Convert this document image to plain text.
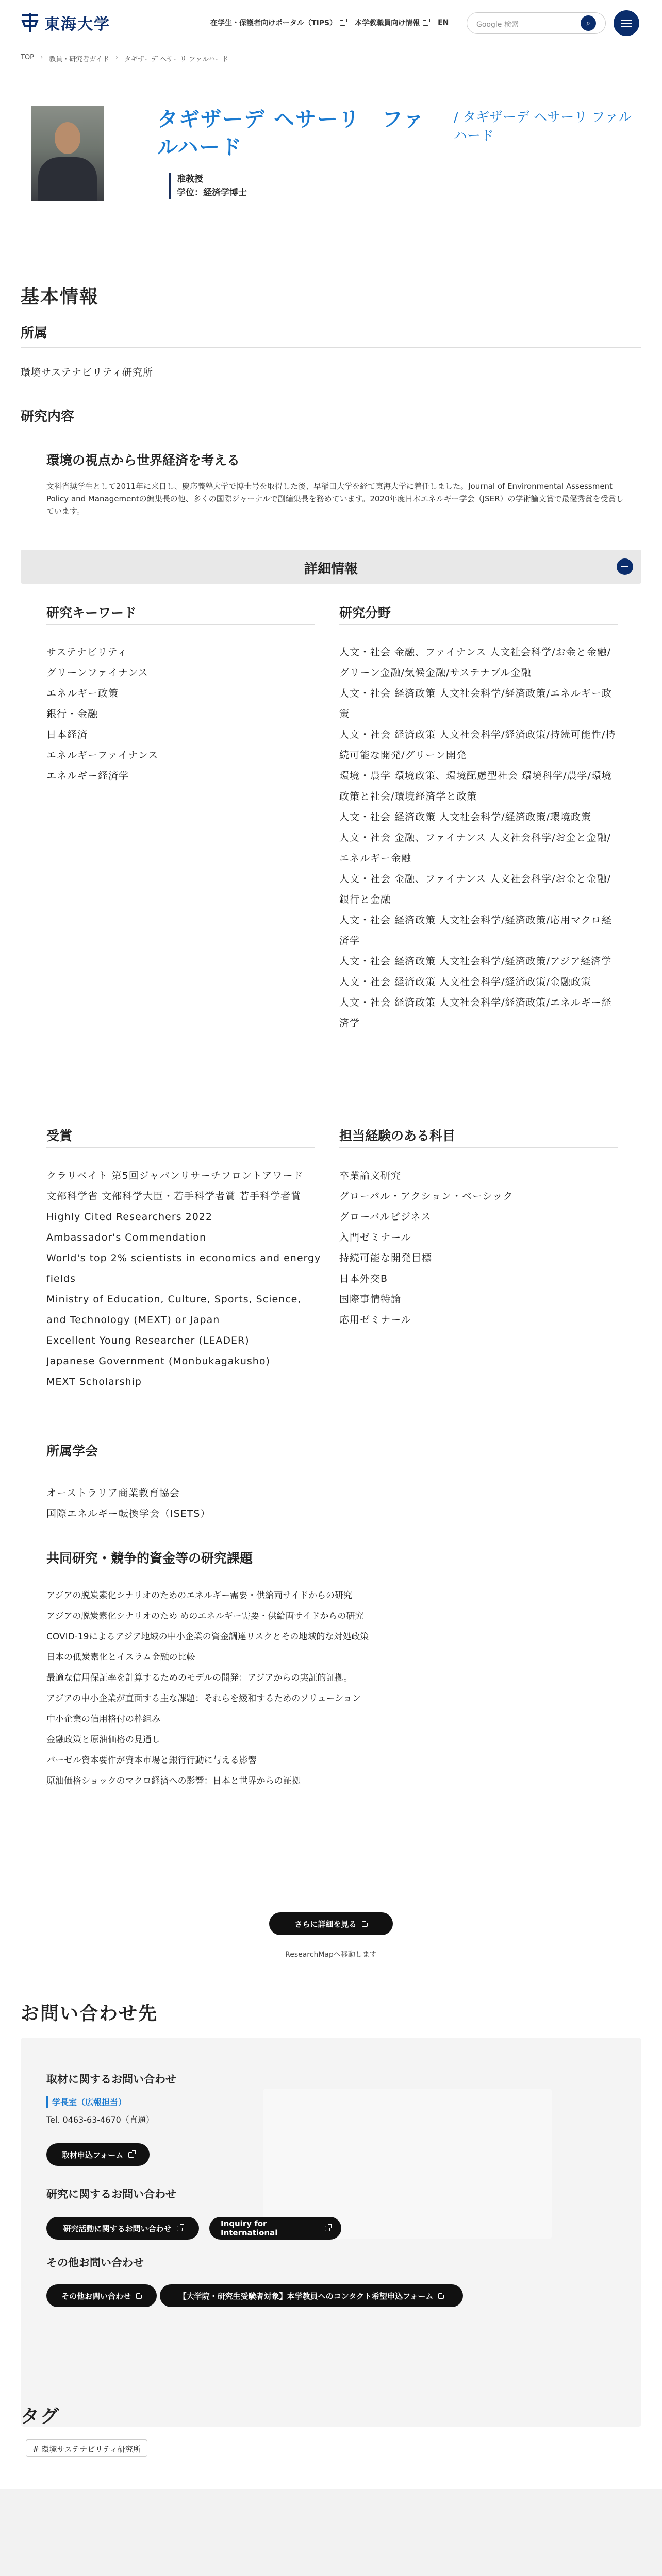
東海大学	在学生・保護者向けポータル（TIPS）	本学教職員向け情報	EN	Google 検索	⌕
TOP › 教員・研究者ガイド › タギザーデ ヘサーリ ファルハード
タギザーデ ヘサーリ　ファルハード
/ タギザーデ ヘサーリ ファルハード
准教授
学位：経済学博士
基本情報
所属
環境サステナビリティ研究所
研究内容
環境の視点から世界経済を考える
文科省奨学生として2011年に来日し、慶応義塾大学で博士号を取得した後、早稲田大学を経て東海大学に着任しました。Journal of Environmental Assessment Policy and Managementの編集長の他、多くの国際ジャーナルで副編集長を務めています。2020年度日本エネルギー学会（JSER）の学術論文賞で最優秀賞を受賞しています。
詳細情報
研究キーワード
サステナビリティ
グリーンファイナンス
エネルギー政策
銀行・金融
日本経済
エネルギーファイナンス
エネルギー経済学
研究分野
人文・社会 金融、ファイナンス 人文社会科学/お金と金融/グリーン金融/気候金融/サステナブル金融
人文・社会 経済政策 人文社会科学/経済政策/エネルギー政策
人文・社会 経済政策 人文社会科学/経済政策/持続可能性/持続可能な開発/グリーン開発
環境・農学 環境政策、環境配慮型社会 環境科学/農学/環境政策と社会/環境経済学と政策
人文・社会 経済政策 人文社会科学/経済政策/環境政策
人文・社会 金融、ファイナンス 人文社会科学/お金と金融/エネルギー金融
人文・社会 金融、ファイナンス 人文社会科学/お金と金融/銀行と金融
人文・社会 経済政策 人文社会科学/経済政策/応用マクロ経済学
人文・社会 経済政策 人文社会科学/経済政策/アジア経済学
人文・社会 経済政策 人文社会科学/経済政策/金融政策
人文・社会 経済政策 人文社会科学/経済政策/エネルギー経済学
受賞
クラリベイト 第5回ジャパンリサーチフロントアワード
文部科学省 文部科学大臣・若手科学者賞 若手科学者賞
Highly Cited Researchers 2022
Ambassador's Commendation
World's top 2% scientists in economics and energy fields
Ministry of Education, Culture, Sports, Science, and Technology (MEXT) or Japan
Excellent Young Researcher (LEADER)
Japanese Government (Monbukagakusho)
MEXT Scholarship
担当経験のある科目
卒業論文研究
グローバル・アクション・ベーシック
グローバルビジネス
入門ゼミナール
持続可能な開発目標
日本外交B
国際事情特論
応用ゼミナール
所属学会
オーストラリア商業教育協会
国際エネルギー転換学会（ISETS）
共同研究・競争的資金等の研究課題
アジアの脱炭素化シナリオのためのエネルギー需要・供給両サイドからの研究
アジアの脱炭素化シナリオのため めのエネルギー需要・供給両サイドからの研究
COVID-19によるアジア地域の中小企業の資金調達リスクとその地域的な対処政策
日本の低炭素化とイスラム金融の比較
最適な信用保証率を計算するためのモデルの開発：アジアからの実証的証拠。
アジアの中小企業が直面する主な課題：それらを緩和するためのソリューション
中小企業の信用格付の枠組み
金融政策と原油価格の見通し
バーゼル資本要件が資本市場と銀行行動に与える影響
原油価格ショックのマクロ経済への影響：日本と世界からの証拠
さらに詳細を見る
ResearchMapへ移動します
お問い合わせ先
取材に関するお問い合わせ
学長室（広報担当）
Tel. 0463-63-4670（直通）
取材申込フォーム
研究に関するお問い合わせ
研究活動に関するお問い合わせ
Inquiry for International
その他お問い合わせ
その他お問い合わせ	【大学院・研究生受験者対象】本学教員へのコンタクト希望申込フォーム
タグ
# 環境サステナビリティ研究所
